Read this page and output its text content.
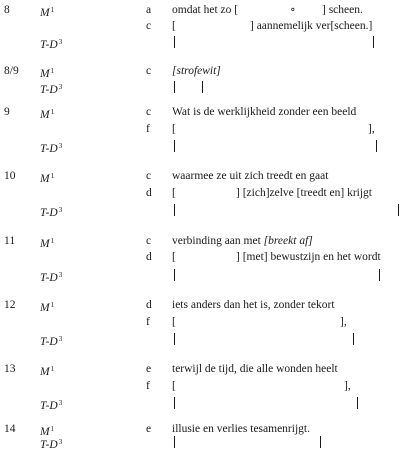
8	$M^1$	a omdat het zo [	∘ ] scheen.
c [	] aannemelijk ver[scheen.]
$T-D^3$
8/9 $M^1$	c [strofewit]
$T-D^3$
9	$M^1$	c Wat is de werklijkheid zonder een beeld
f [	],
$T-D^3$
10 $M^1$	c waarmee ze uit zich treedt en gaat
d [	] [zich]zelve [treedt en] krijgt
$T-D^3$
11 $M^1$	c verbinding aan met [breekt af]
d [	] [met] bewustzijn en het wordt
$T-D^3$
12 $M^1$	d iets anders dan het is, zonder tekort
f [	],
$T-D^3$
13 $M^1$	e terwijl de tijd, die alle wonden heelt
f [	],
$T-D^3$
14 $M^1$	e illusie en verlies tesamenrijgt.
$T-D^3$
